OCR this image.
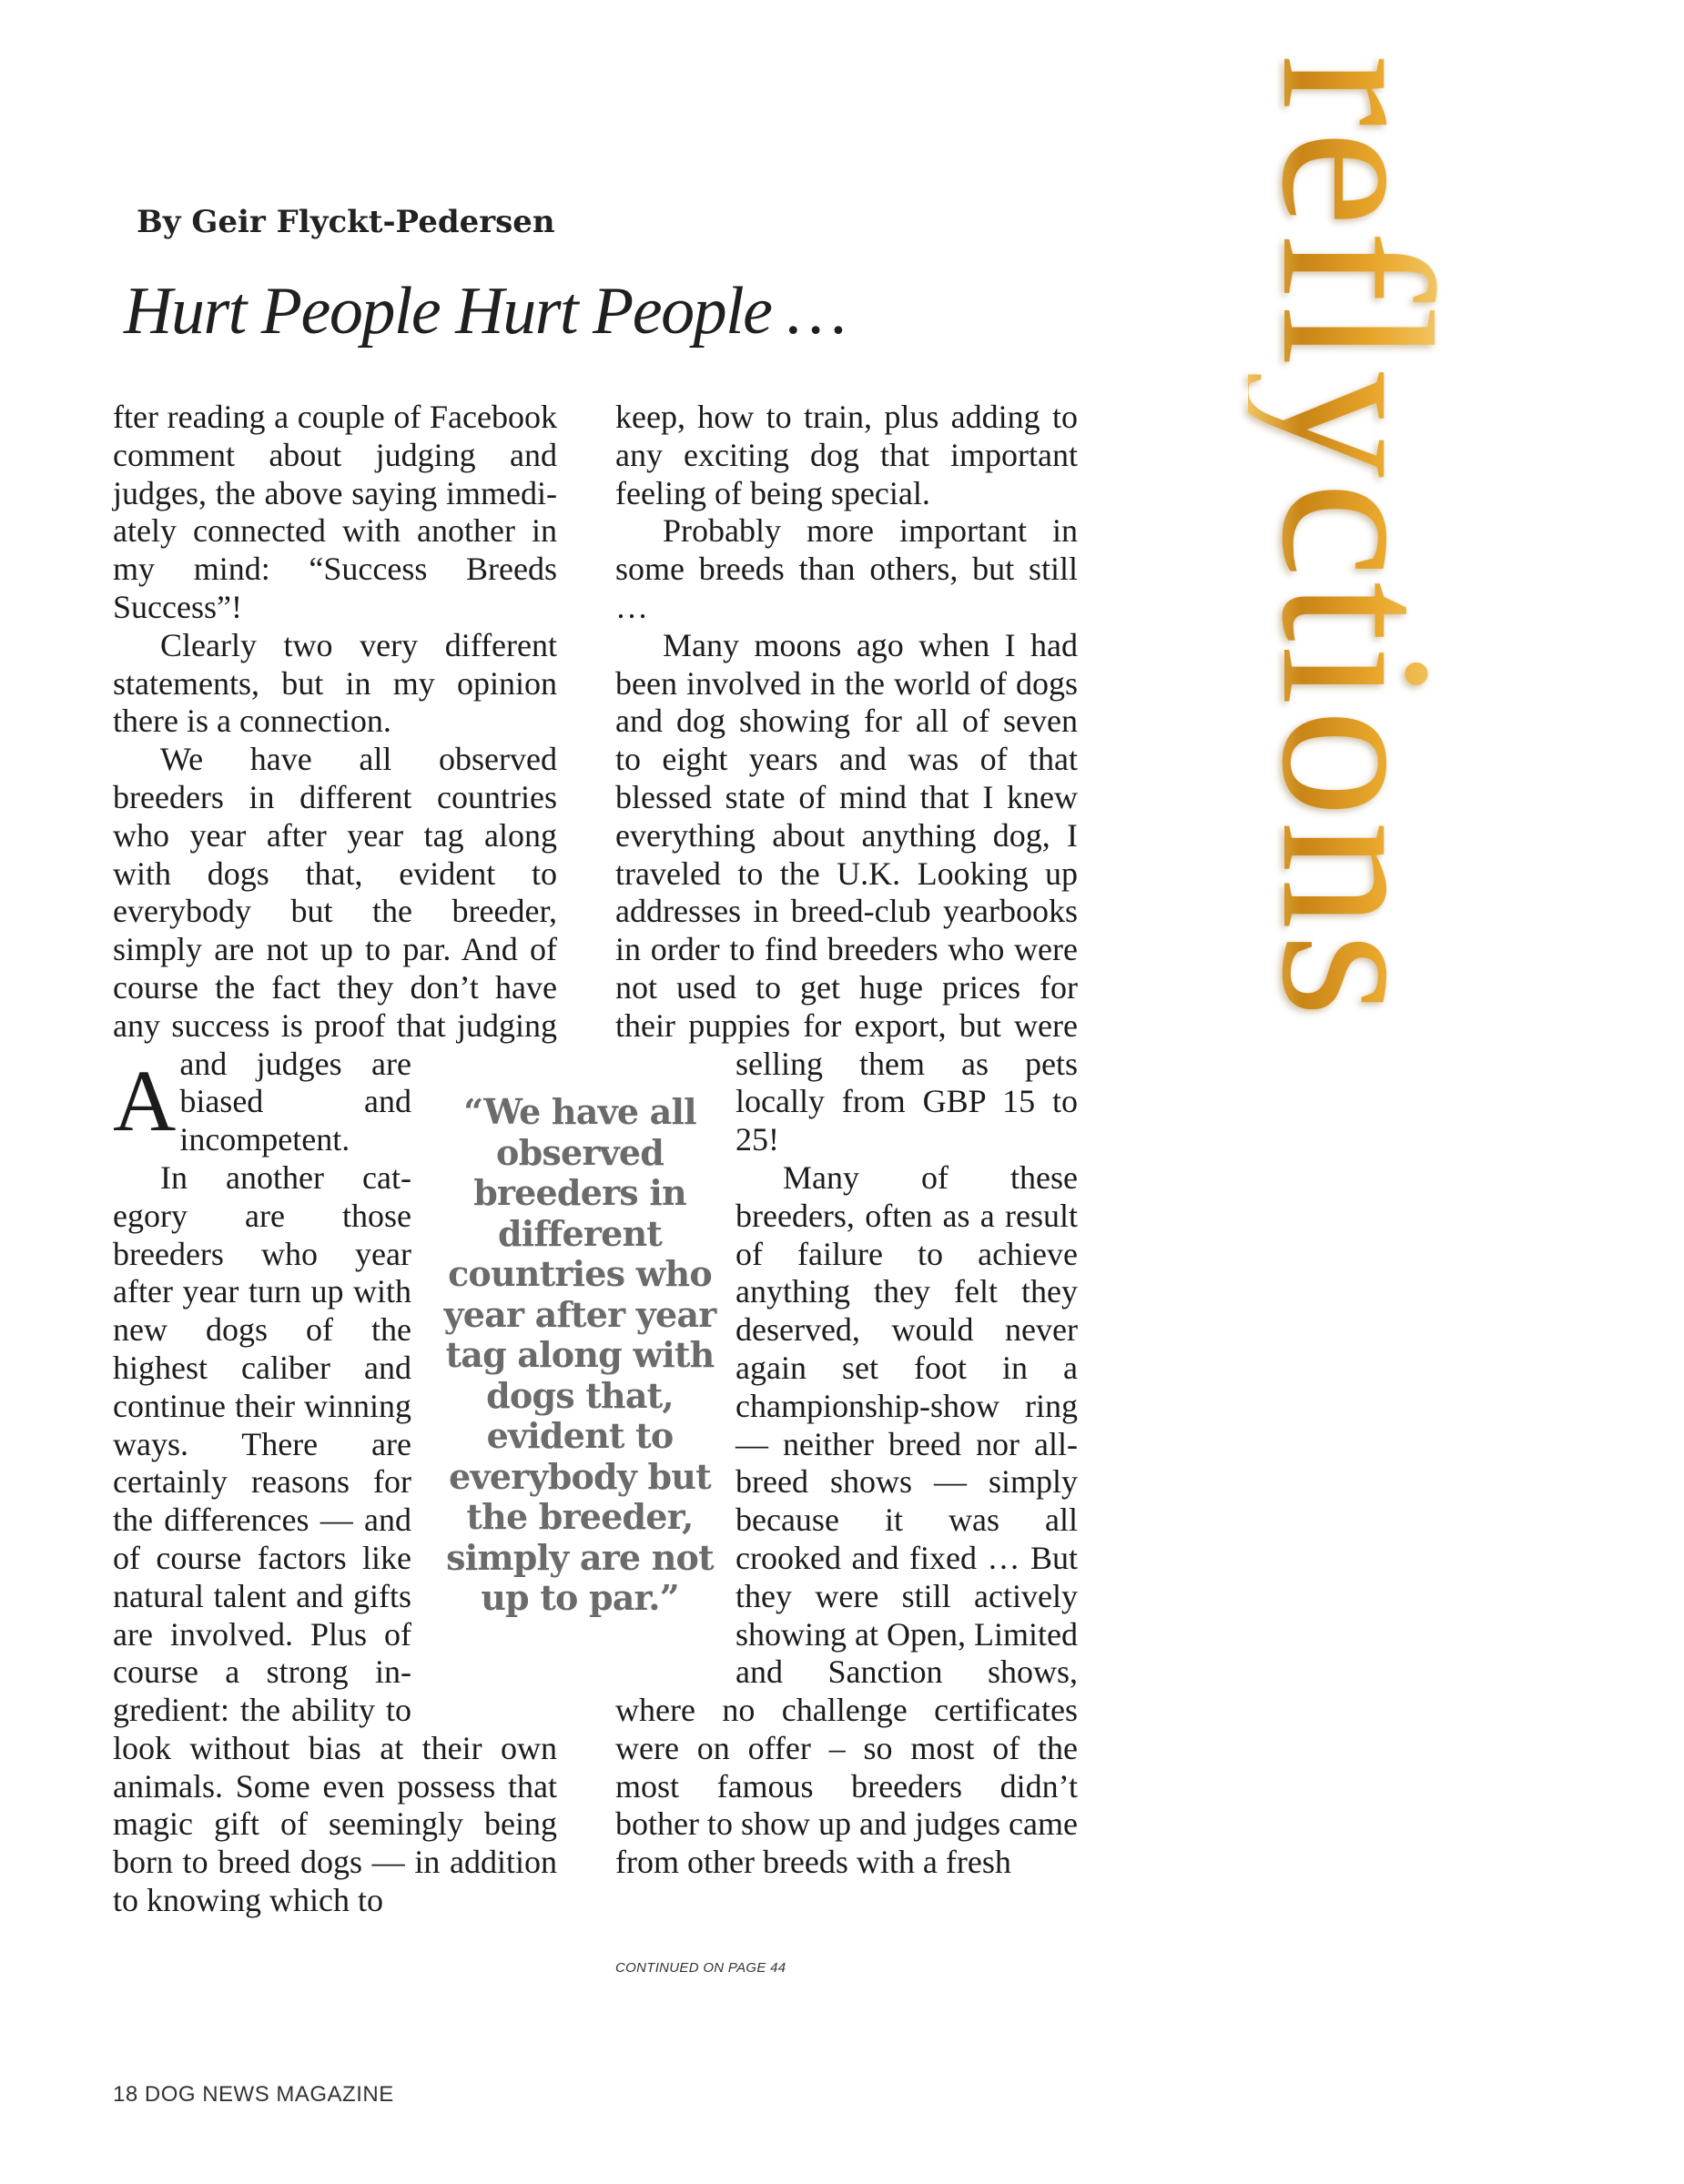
By Geir Flyckt-Pedersen
Hurt People Hurt People …

A
fter reading a couple of Facebook comment about judging and judges, the above saying immediately connected with another in my mind: “Success Breeds Success”!

Clearly two very different statements, but in my opinion there is a connection.

We have all observed breeders in different countries who year after year tag along with dogs that, evident to everybody but the breeder, simply are not up to par. And of course the fact they don’t have any success is proof that judging and judges are biased and incompetent.

In another category are those breeders who year after year turn up with new dogs of the highest caliber and continue their winning ways. There are certainly reasons for the differences — and of course factors like natural talent and gifts are involved. Plus of course a strong ingredient: the ability to look without bias at their own animals. Some even possess that magic gift of seemingly being born to breed dogs — in addition to knowing which to

keep, how to train, plus adding to any exciting dog that important feeling of being special.

Probably more important in some breeds than others, but still …

Many moons ago when I had been involved in the world of dogs and dog showing for all of seven to eight years and was of that blessed state of mind that I knew everything about anything dog, I traveled to the U.K. Looking up addresses in breed-club yearbooks in order to find breeders who were not used to get huge prices for their puppies for export, but were selling them as pets locally from GBP 15 to 25!

Many of these breeders, often as a result of failure to achieve anything they felt they deserved, would never again set foot in a championship-show ring — neither breed nor all-breed shows — simply because it was all crooked and fixed … But they were still actively showing at Open, Limited and Sanction shows, where no challenge certificates were on offer – so most of the most famous breeders didn’t bother to show up and judges came from other breeds with a fresh

“We have all observed breeders in different countries who year after year tag along with dogs that, evident to everybody but the breeder, simply are not up to par.”
CONTINUED ON PAGE 44
18 DOG NEWS MAGAZINE
reflyctions
